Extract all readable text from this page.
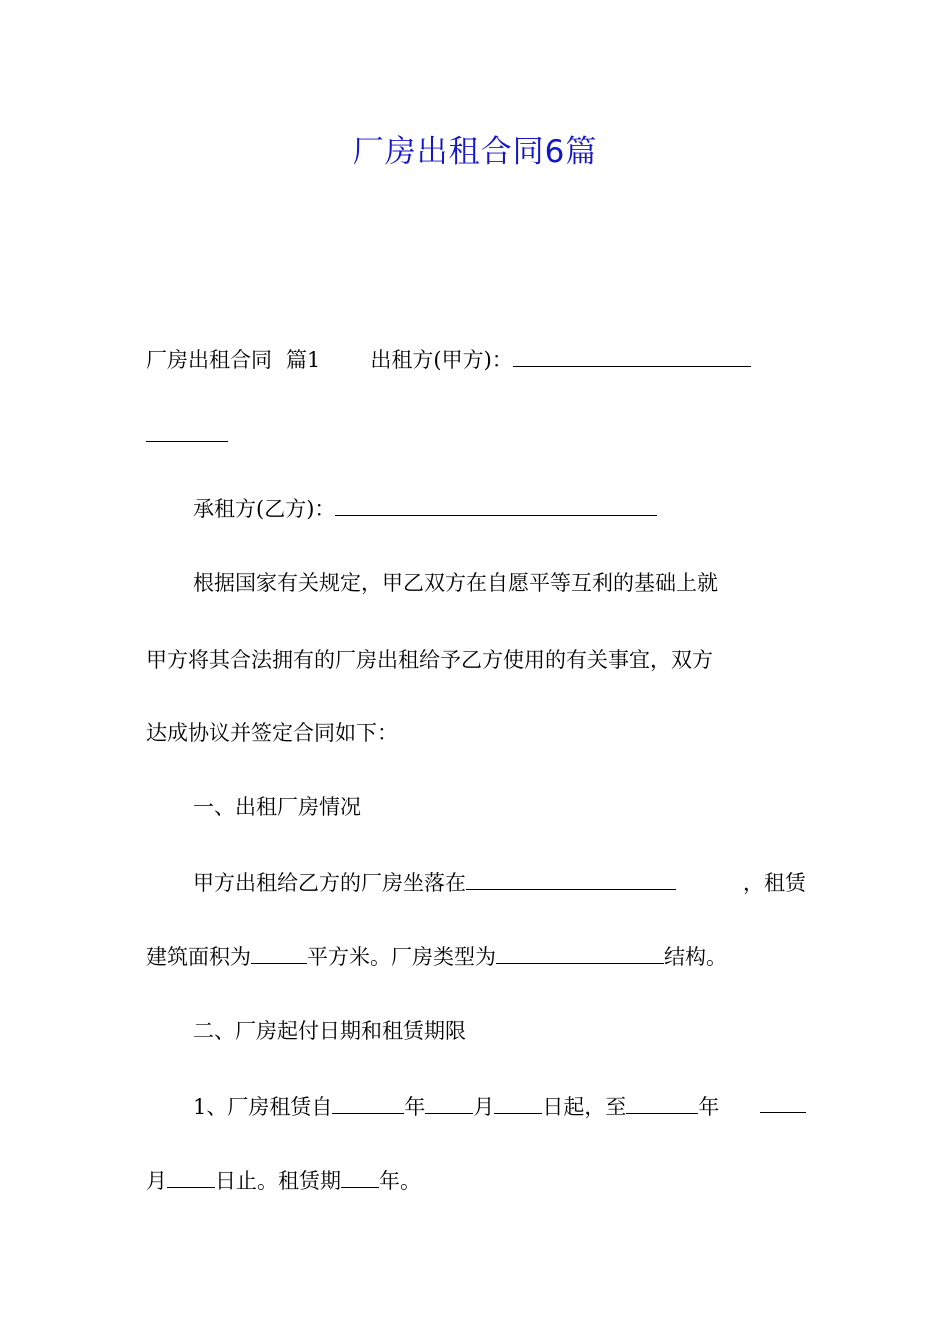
厂房出租合同6篇
厂房出租合同 篇1 出租方(甲方)：
承租方(乙方)：
根据国家有关规定，甲乙双方在自愿平等互利的基础上就
甲方将其合法拥有的厂房出租给予乙方使用的有关事宜，双方
达成协议并签定合同如下：
一、出租厂房情况
甲方出租给乙方的厂房坐落在	，租赁
建筑面积为	平方米。厂房类型为	结构。
二、厂房起付日期和租赁期限
1、厂房租赁自	年 月 日起，至	年
月 日止。租赁期 年。
